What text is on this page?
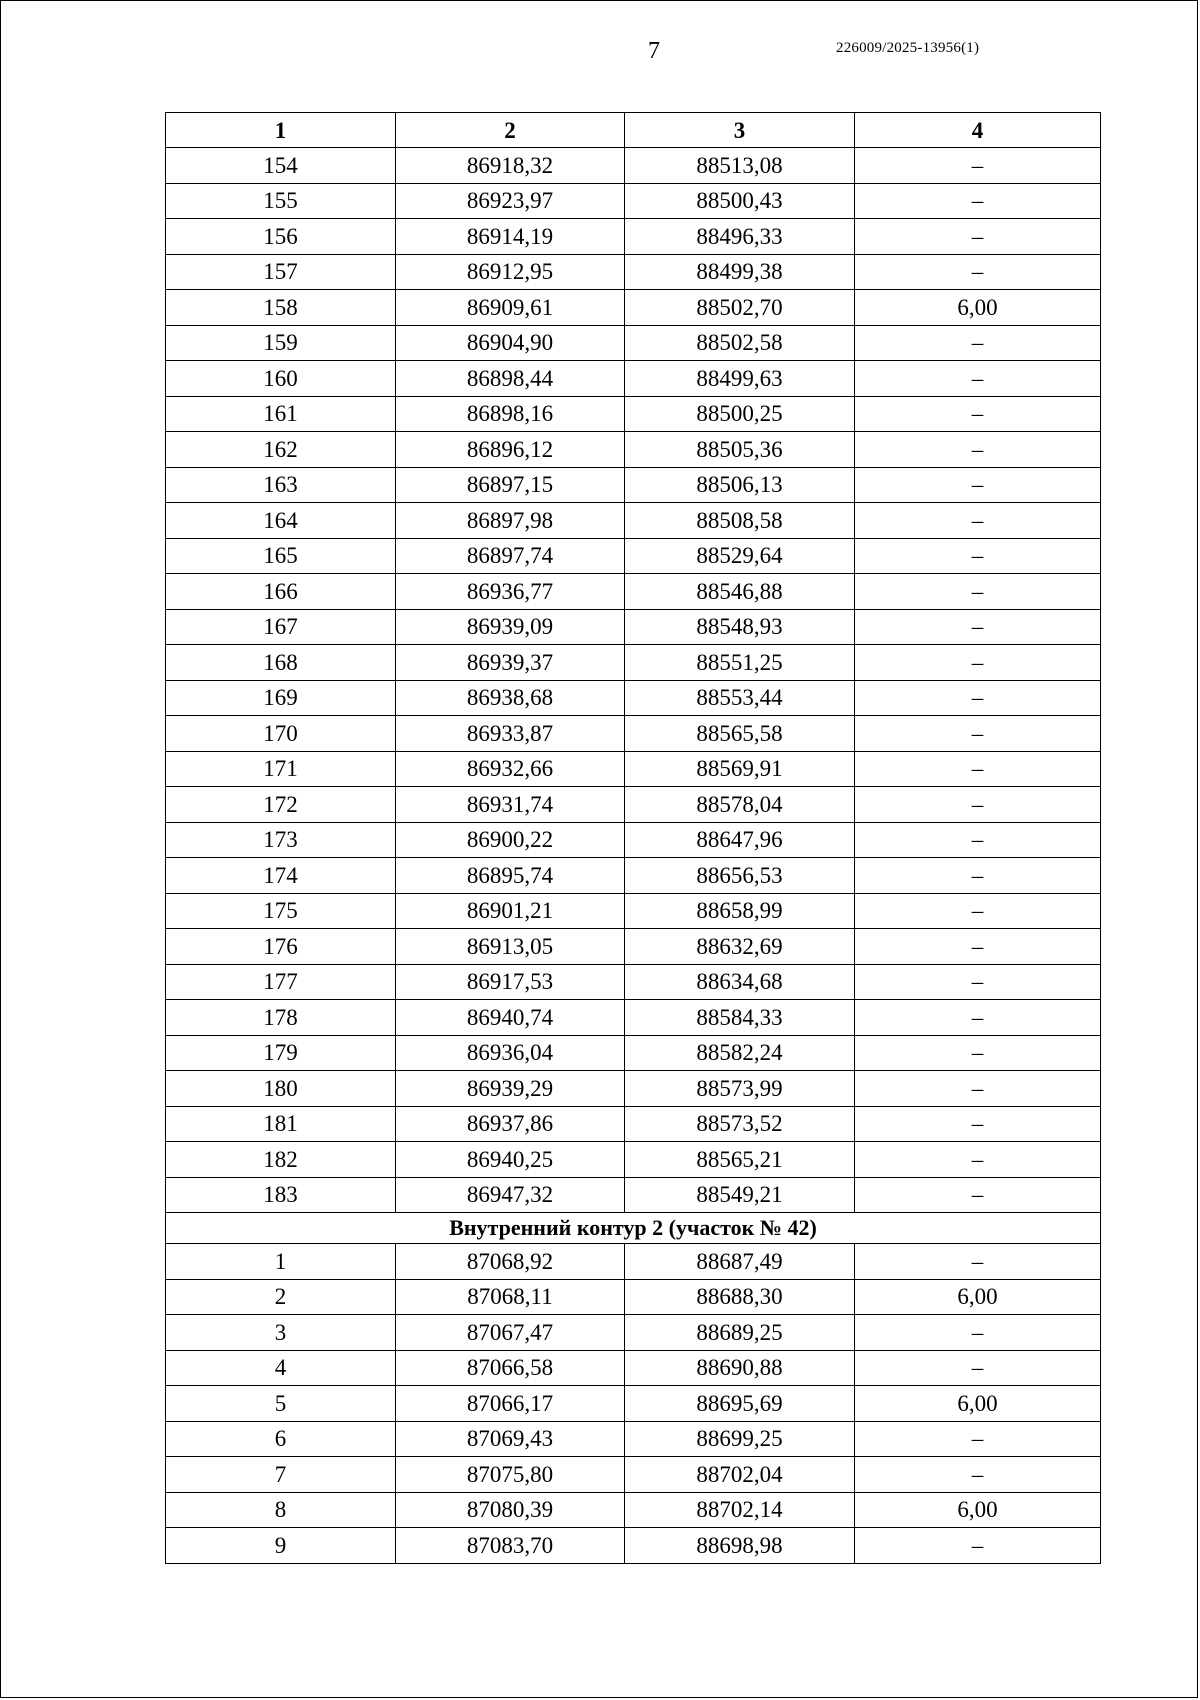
7	226009/2025-13956(1)
1	2	3	4
154	86918,32	88513,08	–
155	86923,97	88500,43	–
156	86914,19	88496,33	–
157	86912,95	88499,38	–
158	86909,61	88502,70	6,00
159	86904,90	88502,58	–
160	86898,44	88499,63	–
161	86898,16	88500,25	–
162	86896,12	88505,36	–
163	86897,15	88506,13	–
164	86897,98	88508,58	–
165	86897,74	88529,64	–
166	86936,77	88546,88	–
167	86939,09	88548,93	–
168	86939,37	88551,25	–
169	86938,68	88553,44	–
170	86933,87	88565,58	–
171	86932,66	88569,91	–
172	86931,74	88578,04	–
173	86900,22	88647,96	–
174	86895,74	88656,53	–
175	86901,21	88658,99	–
176	86913,05	88632,69	–
177	86917,53	88634,68	–
178	86940,74	88584,33	–
179	86936,04	88582,24	–
180	86939,29	88573,99	–
181	86937,86	88573,52	–
182	86940,25	88565,21	–
183	86947,32	88549,21	–
Внутренний контур 2 (участок № 42)			
1	87068,92	88687,49	–
2	87068,11	88688,30	6,00
3	87067,47	88689,25	–
4	87066,58	88690,88	–
5	87066,17	88695,69	6,00
6	87069,43	88699,25	–
7	87075,80	88702,04	–
8	87080,39	88702,14	6,00
9	87083,70	88698,98	–
